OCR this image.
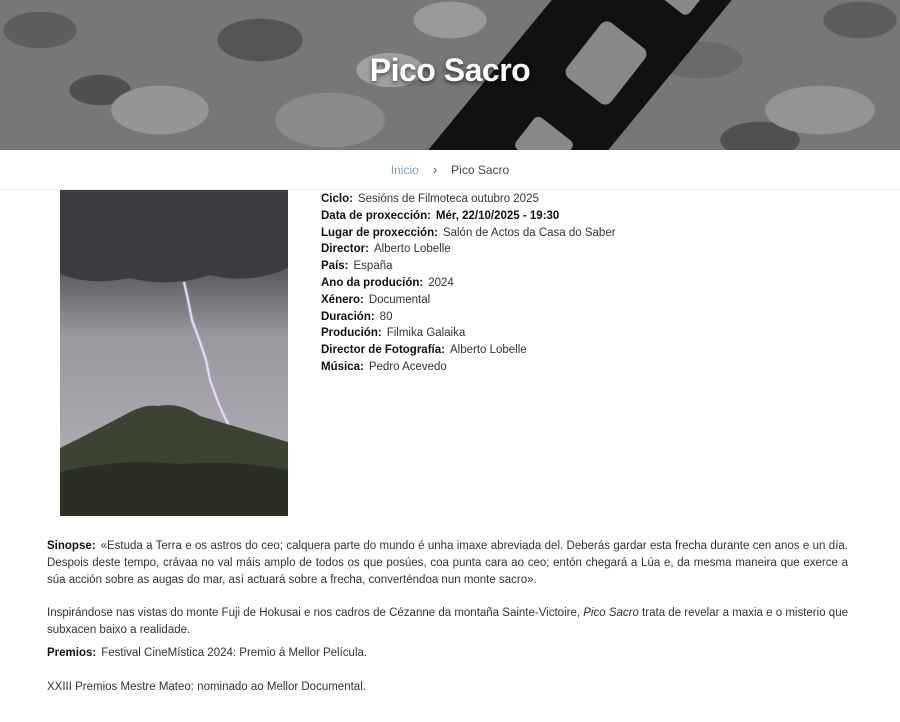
Pico Sacro
Inicio › Pico Sacro
Ciclo: Sesións de Filmoteca outubro 2025
Data de proxección: Mér, 22/10/2025 - 19:30
Lugar de proxección: Salón de Actos da Casa do Saber
Director: Alberto Lobelle
País: España
Ano da produción: 2024
Xénero: Documental
Duración: 80
Produción: Filmika Galaika
Director de Fotografía: Alberto Lobelle
Música: Pedro Acevedo

Sinopse: «Estuda a Terra e os astros do ceo; calquera parte do mundo é unha imaxe abreviada del. Deberás gardar esta frecha durante cen anos e un día. Despois deste tempo, crávaa no val máis amplo de todos os que posúes, coa punta cara ao ceo; entón chegará a Lúa e, da mesma maneira que exerce a súa acción sobre as augas do mar, así actuará sobre a frecha, converténdoa nun monte sacro».

Inspirándose nas vistas do monte Fuji de Hokusai e nos cadros de Cézanne da montaña Sainte-Victoire, Pico Sacro trata de revelar a maxia e o misterio que subxacen baixo a realidade.

Premios: Festival CineMística 2024: Premio á Mellor Película.

XXIII Premios Mestre Mateo: nominado ao Mellor Documental.
